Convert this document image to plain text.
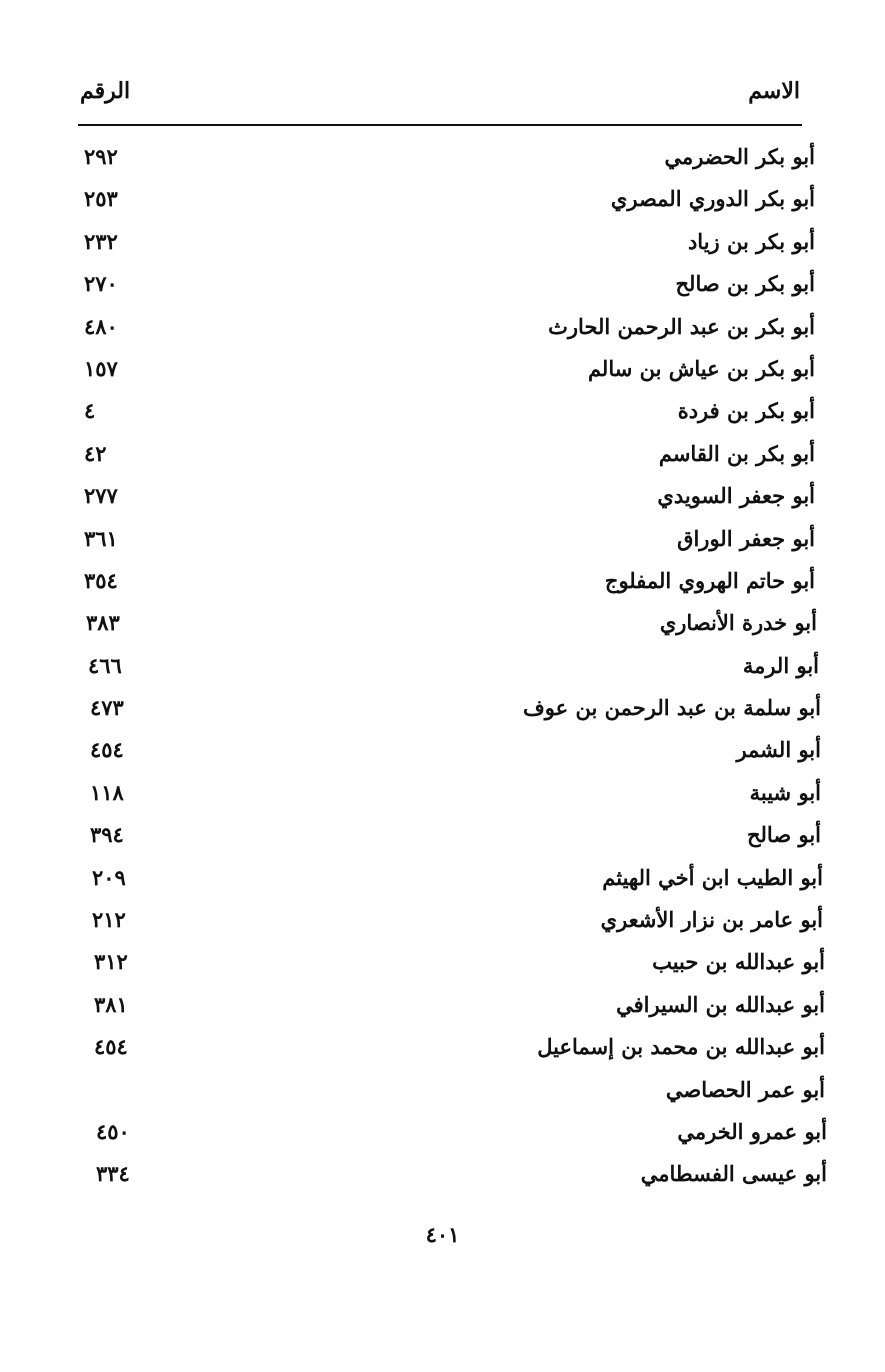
الاسم
الرقم
أبو بكر الحضرمي
٢٩٢
أبو بكر الدوري المصري
٢٥٣
أبو بكر بن زياد
٢٣٢
أبو بكر بن صالح
٢٧٠
أبو بكر بن عبد الرحمن الحارث
٤٨٠
أبو بكر بن عياش بن سالم
١٥٧
أبو بكر بن فردة
٤
أبو بكر بن القاسم
٤٢
أبو جعفر السويدي
٢٧٧
أبو جعفر الوراق
٣٦١
أبو حاتم الهروي المفلوج
٣٥٤
أبو خدرة الأنصاري
٣٨٣
أبو الرمة
٤٦٦
أبو سلمة بن عبد الرحمن بن عوف
٤٧٣
أبو الشمر
٤٥٤
أبو شيبة
١١٨
أبو صالح
٣٩٤
أبو الطيب ابن أخي الهيثم
٢٠٩
أبو عامر بن نزار الأشعري
٢١٢
أبو عبدالله بن حبيب
٣١٢
أبو عبدالله بن السيرافي
٣٨١
أبو عبدالله بن محمد بن إسماعيل
٤٥٤
أبو عمر الحصاصي
أبو عمرو الخرمي
٤٥٠
أبو عيسى الفسطامي
٣٣٤
٤٠١
